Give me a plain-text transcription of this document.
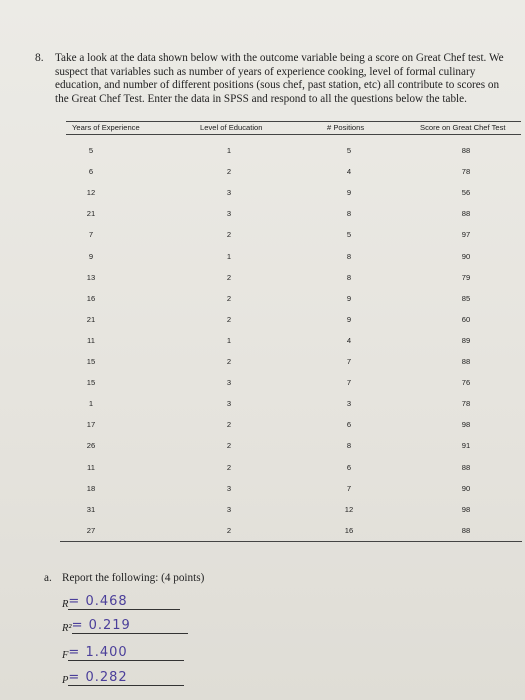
8. Take a look at the data shown below with the outcome variable being a score on Great Chef test. We suspect that variables such as number of years of experience cooking, level of formal culinary education, and number of different positions (sous chef, past station, etc) all contribute to scores on the Great Chef Test. Enter the data in SPSS and respond to all the questions below the table.

Years of Experience	Level of Education	# Positions	Score on Great Chef Test
5	1	5	88
6	2	4	78
12	3	9	56
21	3	8	88
7	2	5	97
9	1	8	90
13	2	8	79
16	2	9	85
21	2	9	60
11	1	4	89
15	2	7	88
15	3	7	76
1	3	3	78
17	2	6	98
26	2	8	91
11	2	6	88
18	3	7	90
31	3	12	98
27	2	16	88
a. Report the following: (4 points)
R= 0.468
R²= 0.219
F= 1.400
P= 0.282
